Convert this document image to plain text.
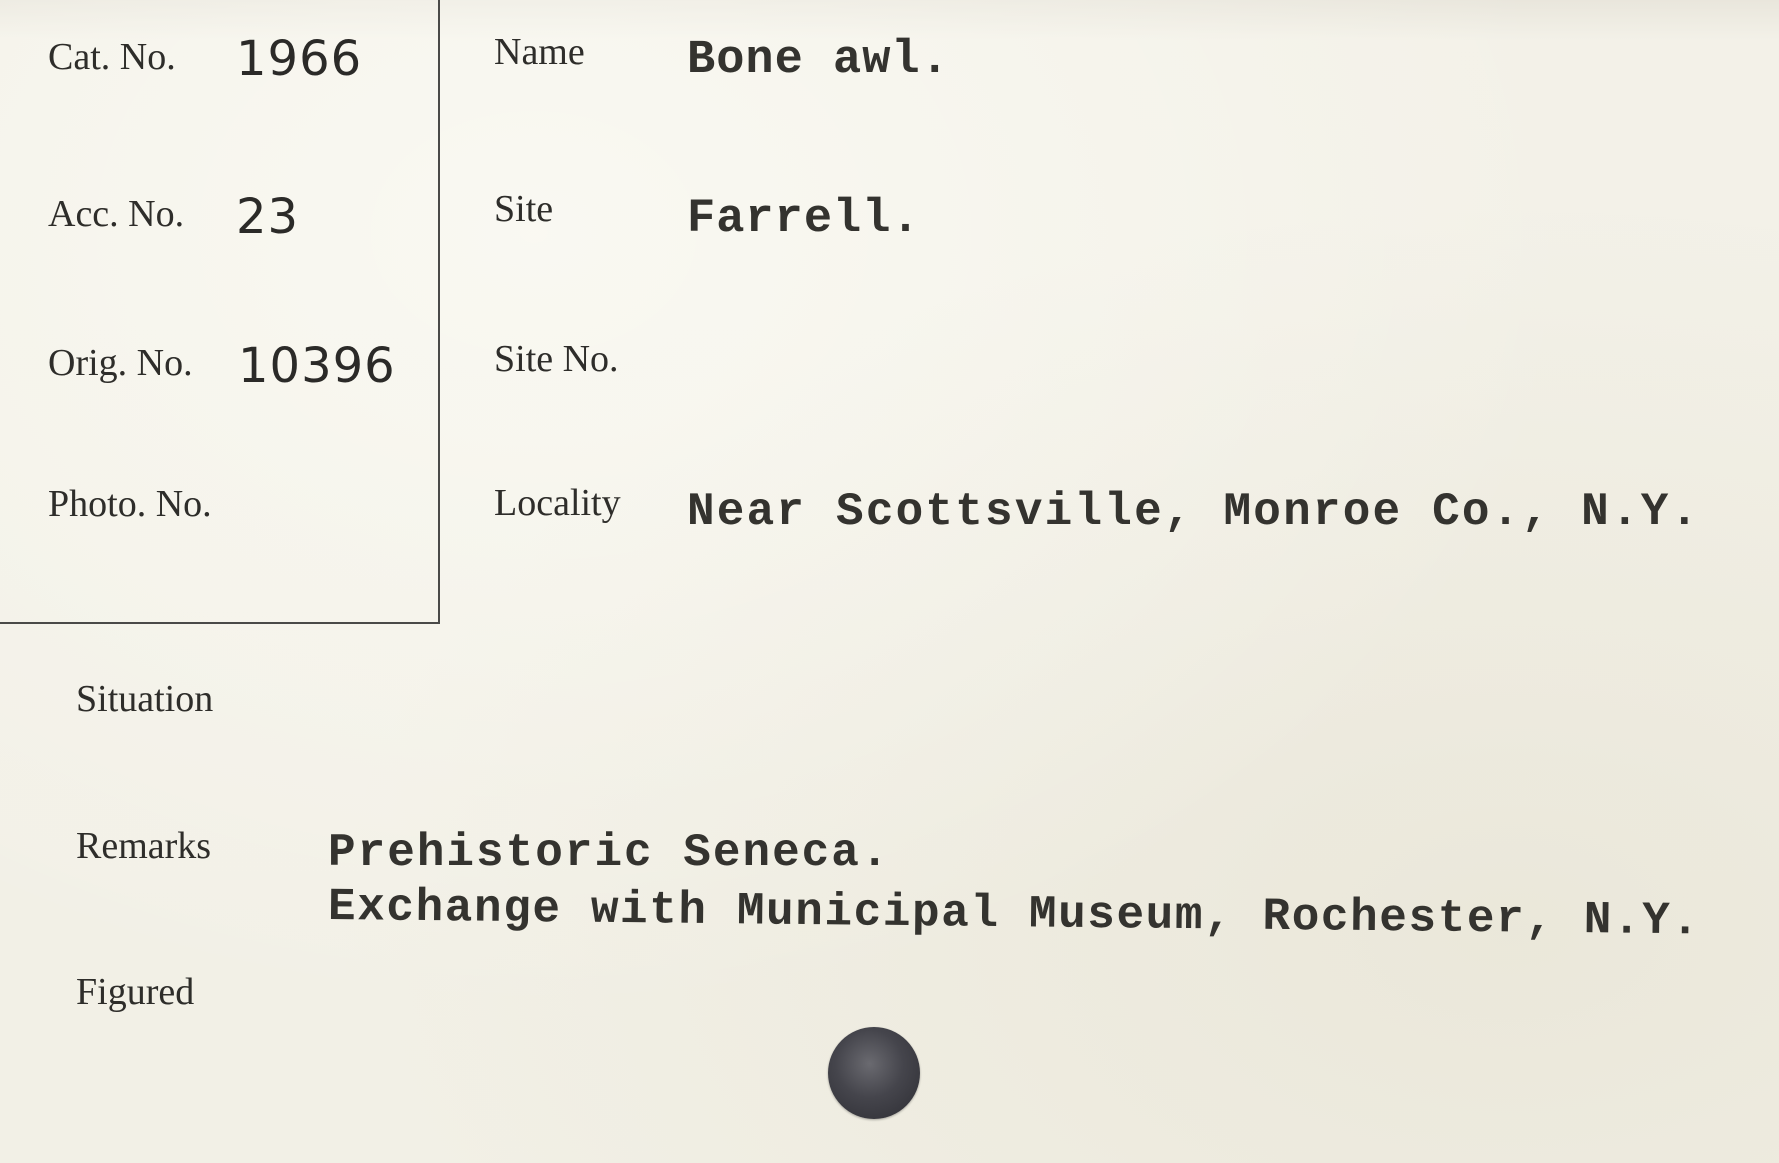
Cat. No. 1966
Acc. No. 23
Orig. No. 10396
Photo. No.
Name Bone awl.
Site	Farrell.
Site No.
Locality Near Scottsville, Monroe Co., N.Y.
Situation
Remarks	Prehistoric Seneca.
Exchange with Municipal Museum, Rochester, N.Y.
Figured
